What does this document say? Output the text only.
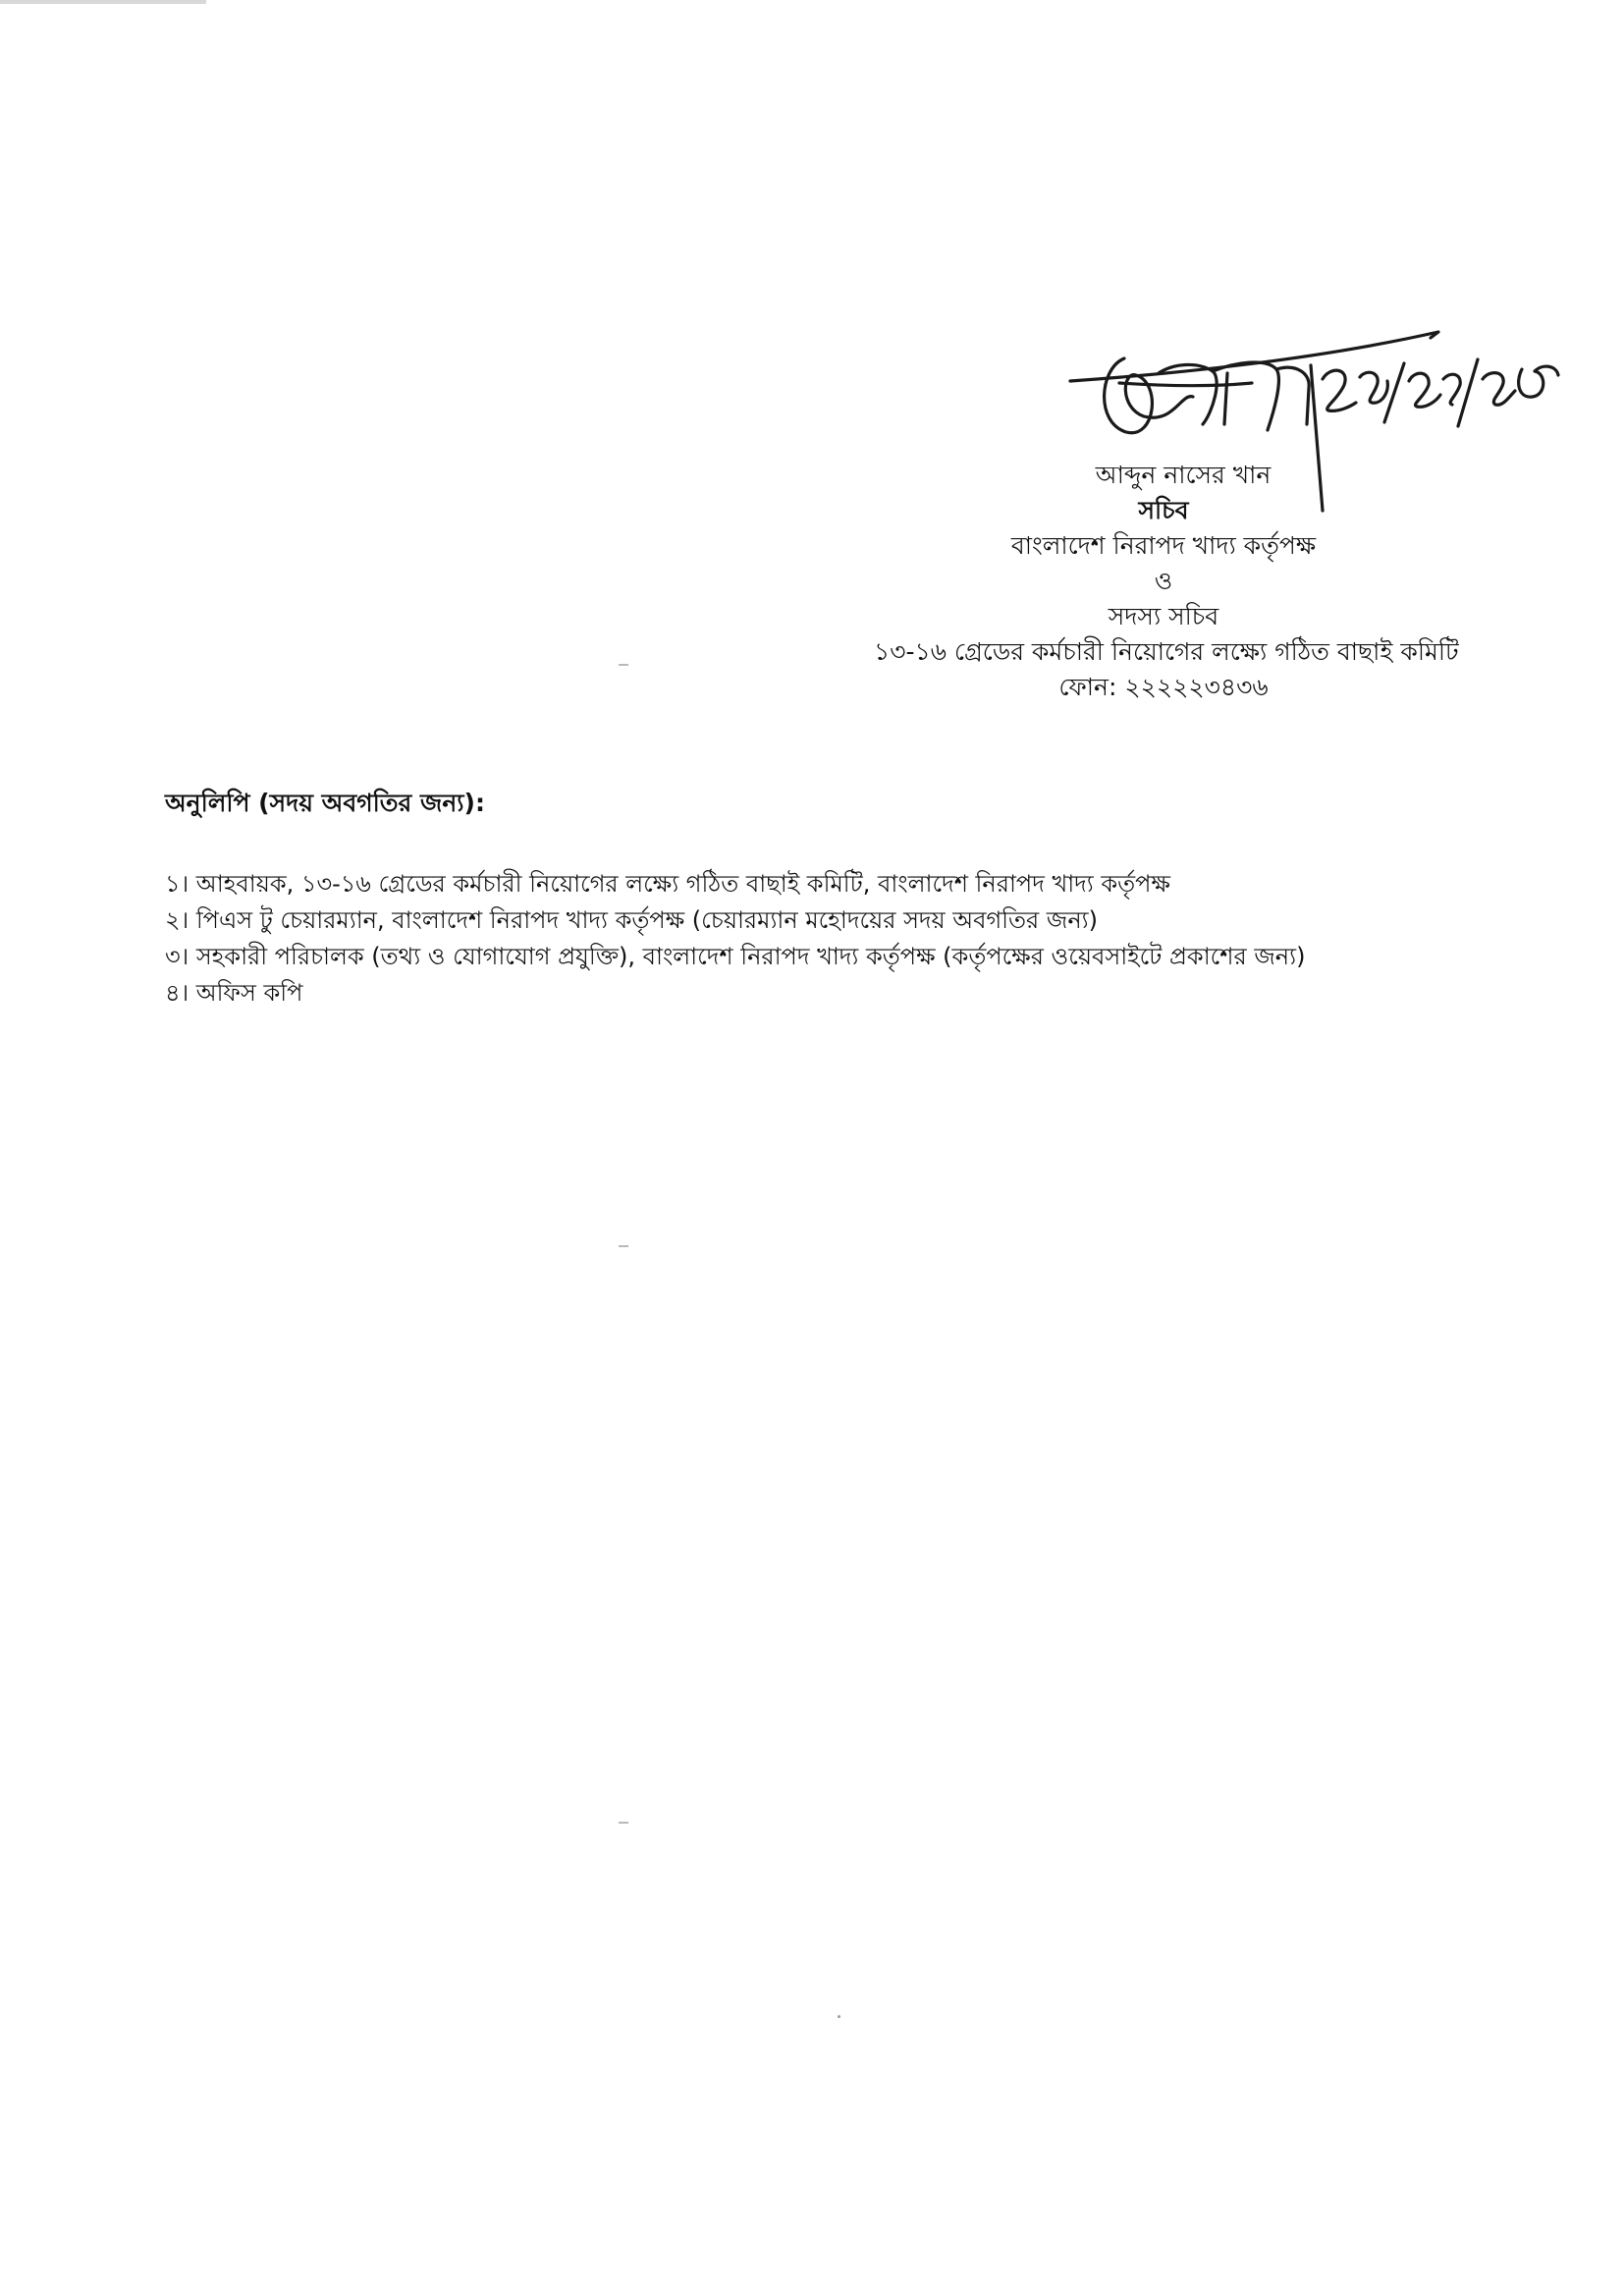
আব্দুন নাসের খান
সচিব
বাংলাদেশ নিরাপদ খাদ্য কর্তৃপক্ষ
ও
সদস্য সচিব
১৩-১৬ গ্রেডের কর্মচারী নিয়োগের লক্ষ্যে গঠিত বাছাই কমিটি
ফোন: ২২২২২৩৪৩৬
অনুলিপি (সদয় অবগতির জন্য):
১। আহবায়ক, ১৩-১৬ গ্রেডের কর্মচারী নিয়োগের লক্ষ্যে গঠিত বাছাই কমিটি, বাংলাদেশ নিরাপদ খাদ্য কর্তৃপক্ষ
২। পিএস টু চেয়ারম্যান, বাংলাদেশ নিরাপদ খাদ্য কর্তৃপক্ষ (চেয়ারম্যান মহোদয়ের সদয় অবগতির জন্য)
৩। সহকারী পরিচালক (তথ্য ও যোগাযোগ প্রযুক্তি), বাংলাদেশ নিরাপদ খাদ্য কর্তৃপক্ষ (কর্তৃপক্ষের ওয়েবসাইটে প্রকাশের জন্য)
৪। অফিস কপি
